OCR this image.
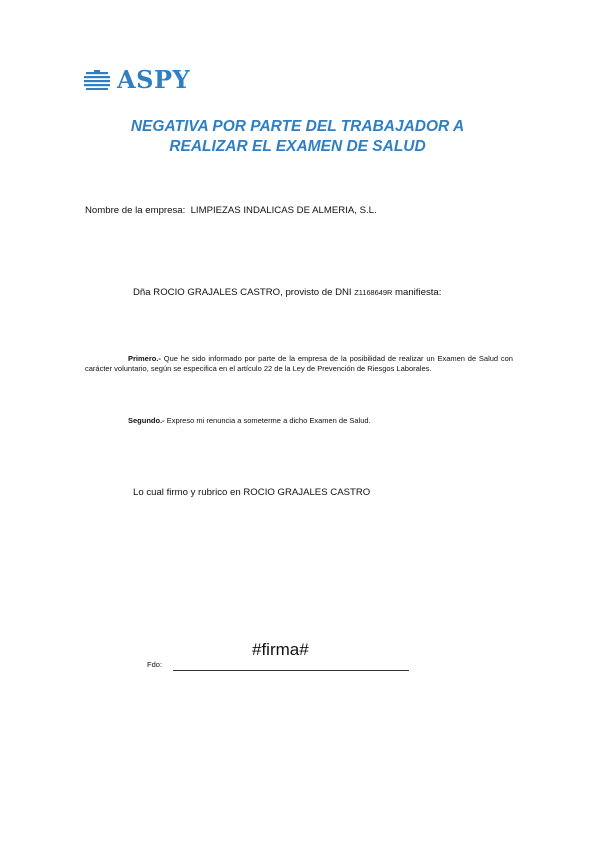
ASPY
NEGATIVA POR PARTE DEL TRABAJADOR A
REALIZAR EL EXAMEN DE SALUD
Nombre de la empresa: LIMPIEZAS INDALICAS DE ALMERIA, S.L.
Dña ROCIO GRAJALES CASTRO, provisto de DNI Z1168649R manifiesta:
Primero.- Que he sido informado por parte de la empresa de la posibilidad de realizar un Examen de Salud con carácter voluntario, según se especifica en el artículo 22 de la Ley de Prevención de Riesgos Laborales.
Segundo.- Expreso mi renuncia a someterme a dicho Examen de Salud.
Lo cual firmo y rubrico en ROCIO GRAJALES CASTRO
#firma#
Fdo:
